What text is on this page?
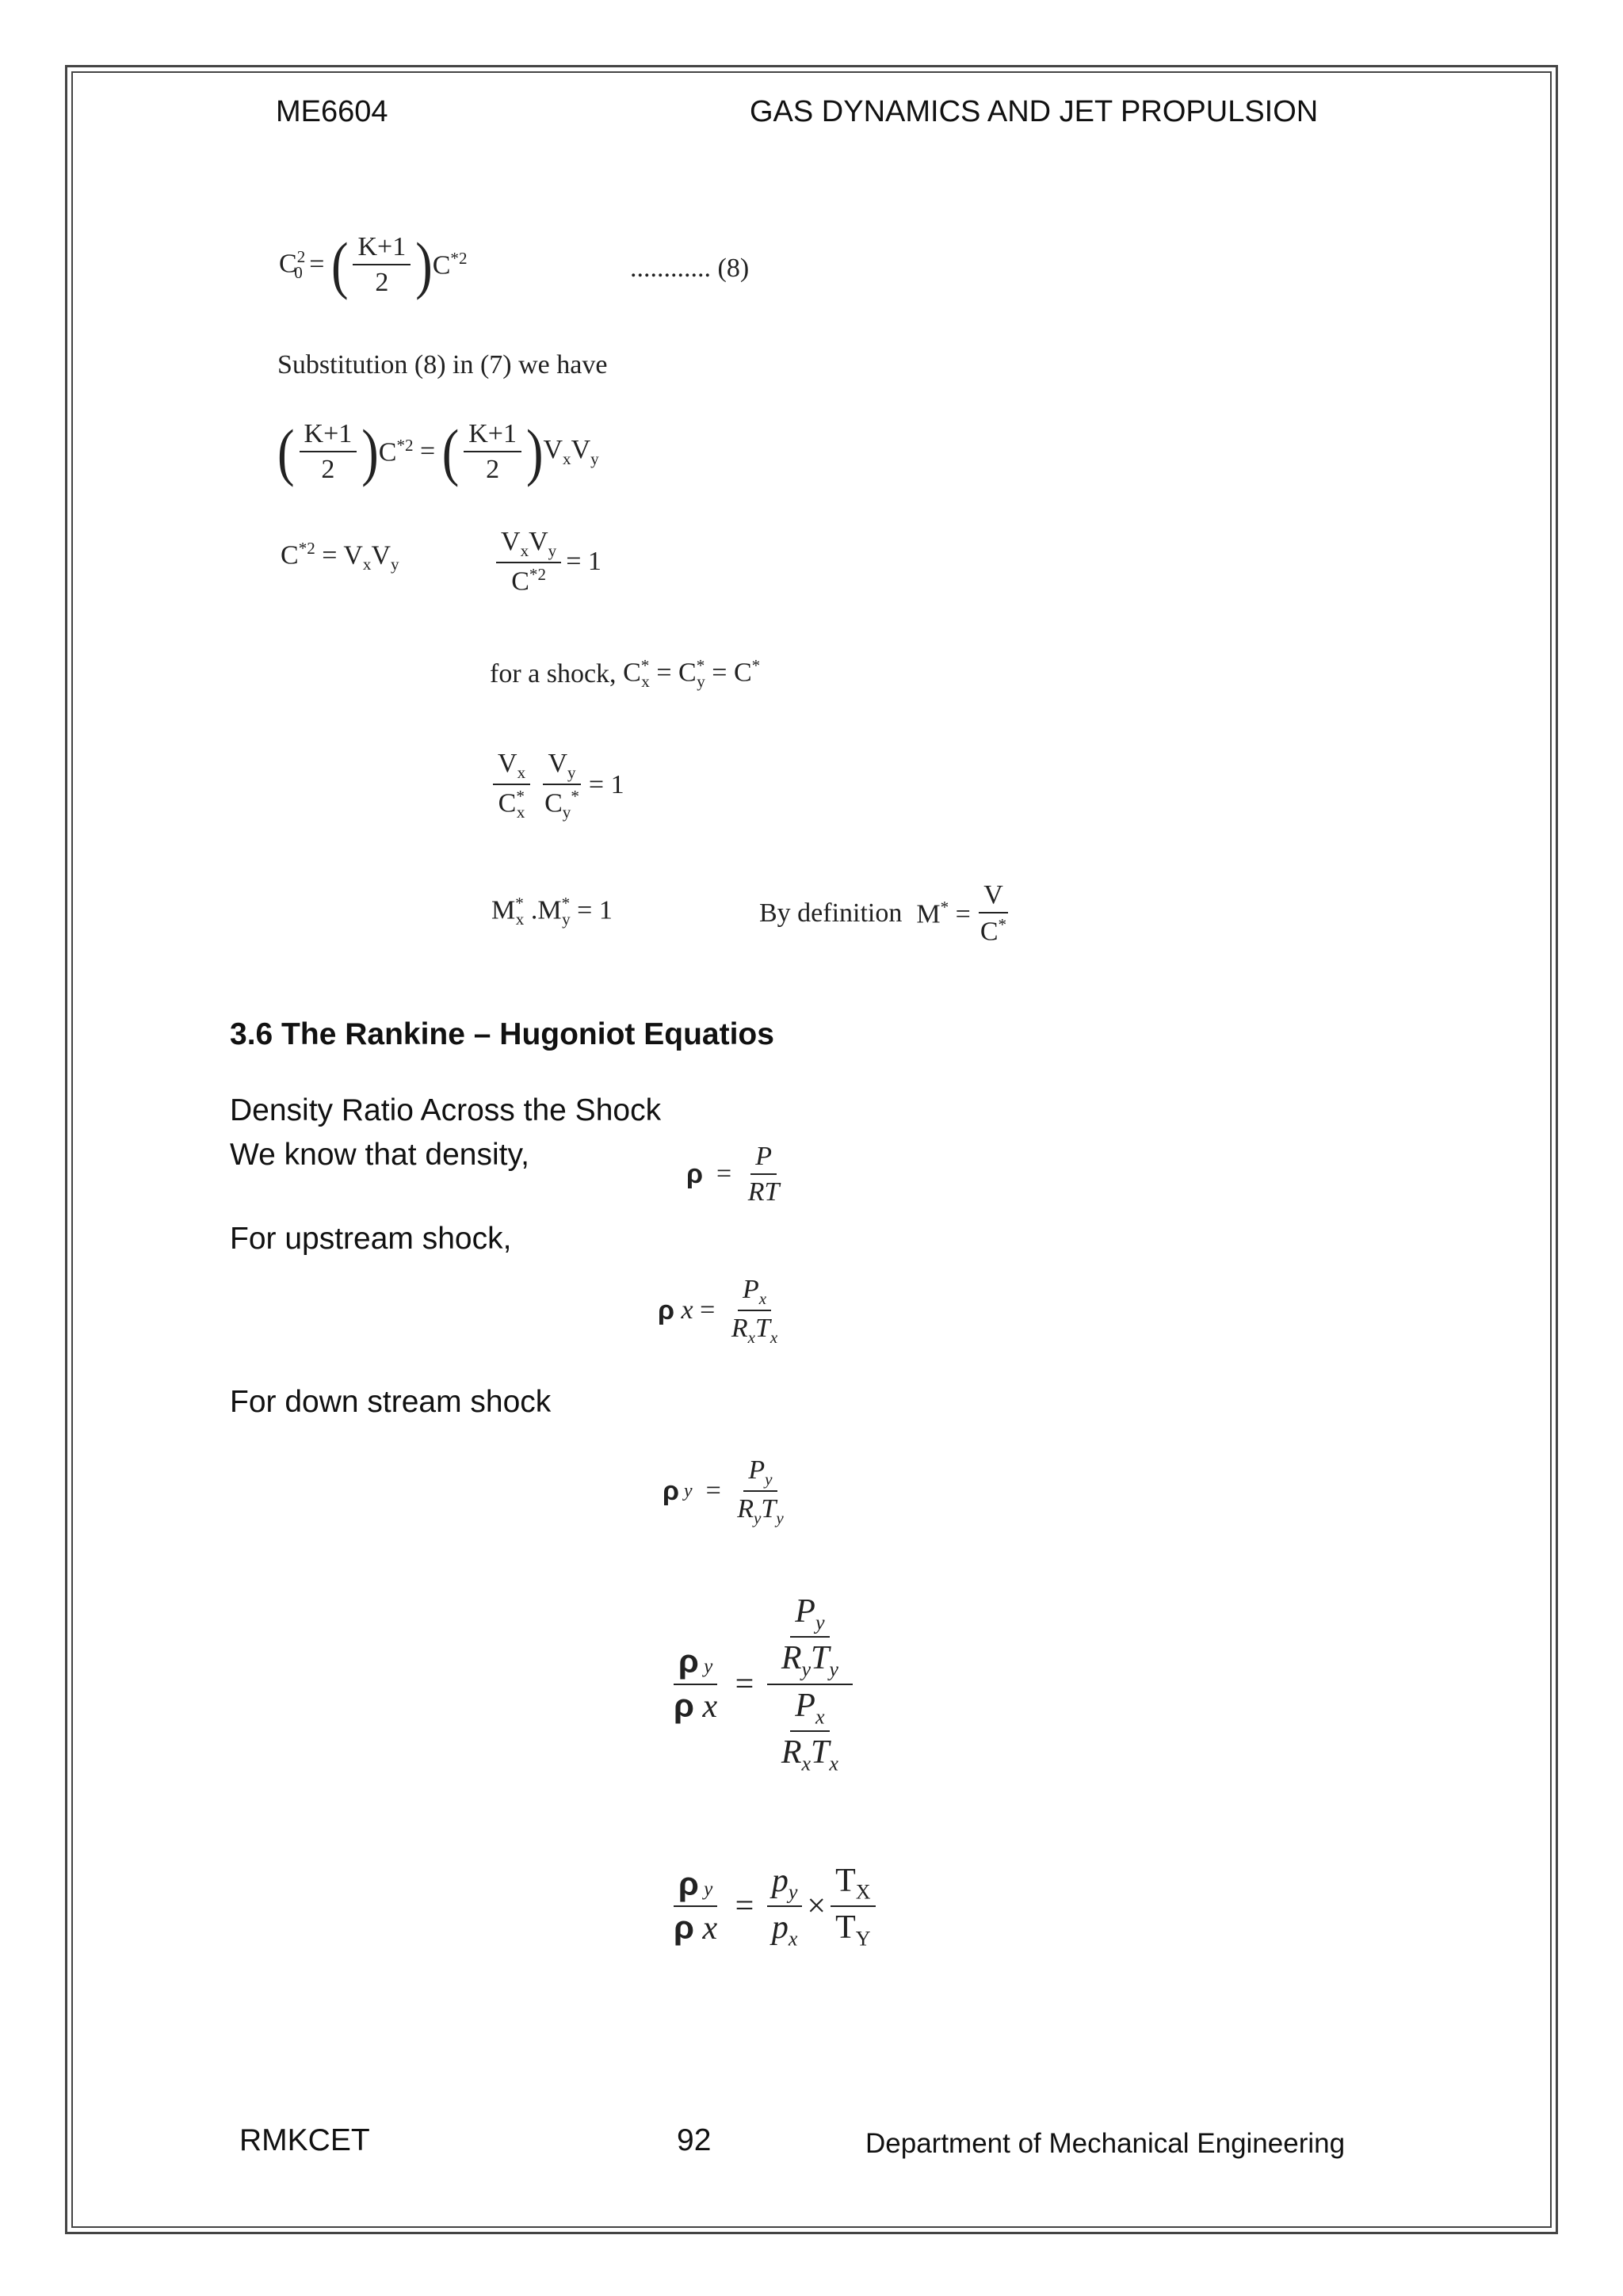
ME6604	GAS DYNAMICS AND JET PROPULSION
$C^2_0$ = ( $\frac{K+1}{2}$ ) $C^{*2}$	............ (8)
Substitution (8) in (7) we have
( $\frac{K+1}{2}$ ) $C^{*2}$ = ( $\frac{K+1}{2}$ ) $V_xV_y$
$C^{*2} = V_xV_y$	$\frac{V_xV_y}{C^{*2}} = 1$
for a shock, $C^*_x = C^*_y = C^*$
$\frac{V_x}{C^*_x} \frac{V_y}{C_y^*} = 1$
$M^*_x$ $.M^*_y = 1$	By definition $M^* = \frac{V}{C^*}$
3.6 The Rankine – Hugoniot Equatios
Density Ratio Across the Shock
We know that density,
$\rho = \frac{P}{RT}$
For upstream shock,
ρ $x = \frac{P_x}{R_xT_x}$
For down stream shock
ρ $y = \frac{P_y}{R_yT_y}$
$\frac{\text{ρ y}}{\text{ρ x}} = \frac{\frac{P_y}{R_yT_y}}{\frac{P_x}{R_xT_x}}$
$\frac{\text{ρ y}}{\text{ρ x}} = \frac{p_y}{p_x} \times \frac{T_X}{T_Y}$
RMKCET	92	Department of Mechanical Engineering
